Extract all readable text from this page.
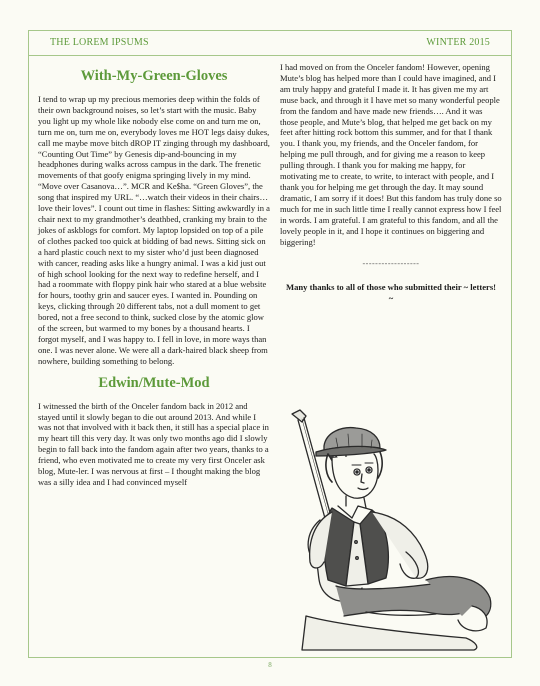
THE LOREM IPSUMS	WINTER 2015
With-My-Green-Gloves

I tend to wrap up my precious memories deep within the folds of their own background noises, so let’s start with the music. Baby you light up my whole like nobody else come on and turn me on, turn me on, turn me on, everybody loves me HOT legs daisy dukes, call me maybe move bitch dROP IT zinging through my dashboard, “Counting Out Time” by Genesis dip-and-bouncing in my headphones during walks across campus in the dark. The frenetic movements of that goofy enigma springing lively in my mind. “Move over Casanova…”. MCR and Ke$ha. “Green Gloves”, the song that inspired my URL. “…watch their videos in their chairs…love their loves”. I count out time in flashes: Sitting awkwardly in a chair next to my grandmother’s deathbed, cranking my brain to the jokes of askblogs for comfort. My laptop lopsided on top of a pile of clothes packed too quick at bidding of bad news. Sitting sick on a hard plastic couch next to my sister who’d just been diagnosed with cancer, reading asks like a hungry animal. I was a kid just out of high school looking for the next way to redefine herself, and I had a roommate with floppy pink hair who stared at a blue website for hours, toothy grin and saucer eyes. I wanted in. Pounding on keys, clicking through 20 different tabs, not a dull moment to get bored, not a free second to think, sucked close by the atomic glow of the screen, but warmed to my bones by a thousand hearts. I forgot myself, and I was happy to. I fell in love, in more ways than one. I was never alone. We were all a dark-haired black sheep from nowhere, building something to belong.

Edwin/Mute-Mod

I witnessed the birth of the Onceler fandom back in 2012 and stayed until it slowly began to die out around 2013. And while I was not that involved with it back then, it still has a special place in my heart till this very day. It was only two months ago did I slowly begin to fall back into the fandom again after two years, thanks to a friend, who even motivated me to create my very first Onceler ask blog, Mute-ler. I was nervous at first – I thought making the blog was a silly idea and I had convinced myself

I had moved on from the Onceler fandom! However, opening Mute’s blog has helped more than I could have imagined, and I am truly happy and grateful I made it. It has given me my art muse back, and through it I have met so many wonderful people from the fandom and have made new friends…. And it was those people, and Mute’s blog, that helped me get back on my feet after hitting rock bottom this summer, and for that I thank you. I thank you, my friends, and the Onceler fandom, for helping me pull through, and for giving me a reason to keep pulling through. I thank you for making me happy, for motivating me to create, to write, to interact with people, and I thank you for helping me get through the day. It may sound dramatic, I am sorry if it does! But this fandom has truly done so much for me in such little time I really cannot express how I feel in words. I am grateful. I am grateful to this fandom, and all the lovely people in it, and I hope it continues on biggering and biggering!

------------------
Many thanks to all of those who submitted their ~ letters! ~
8
